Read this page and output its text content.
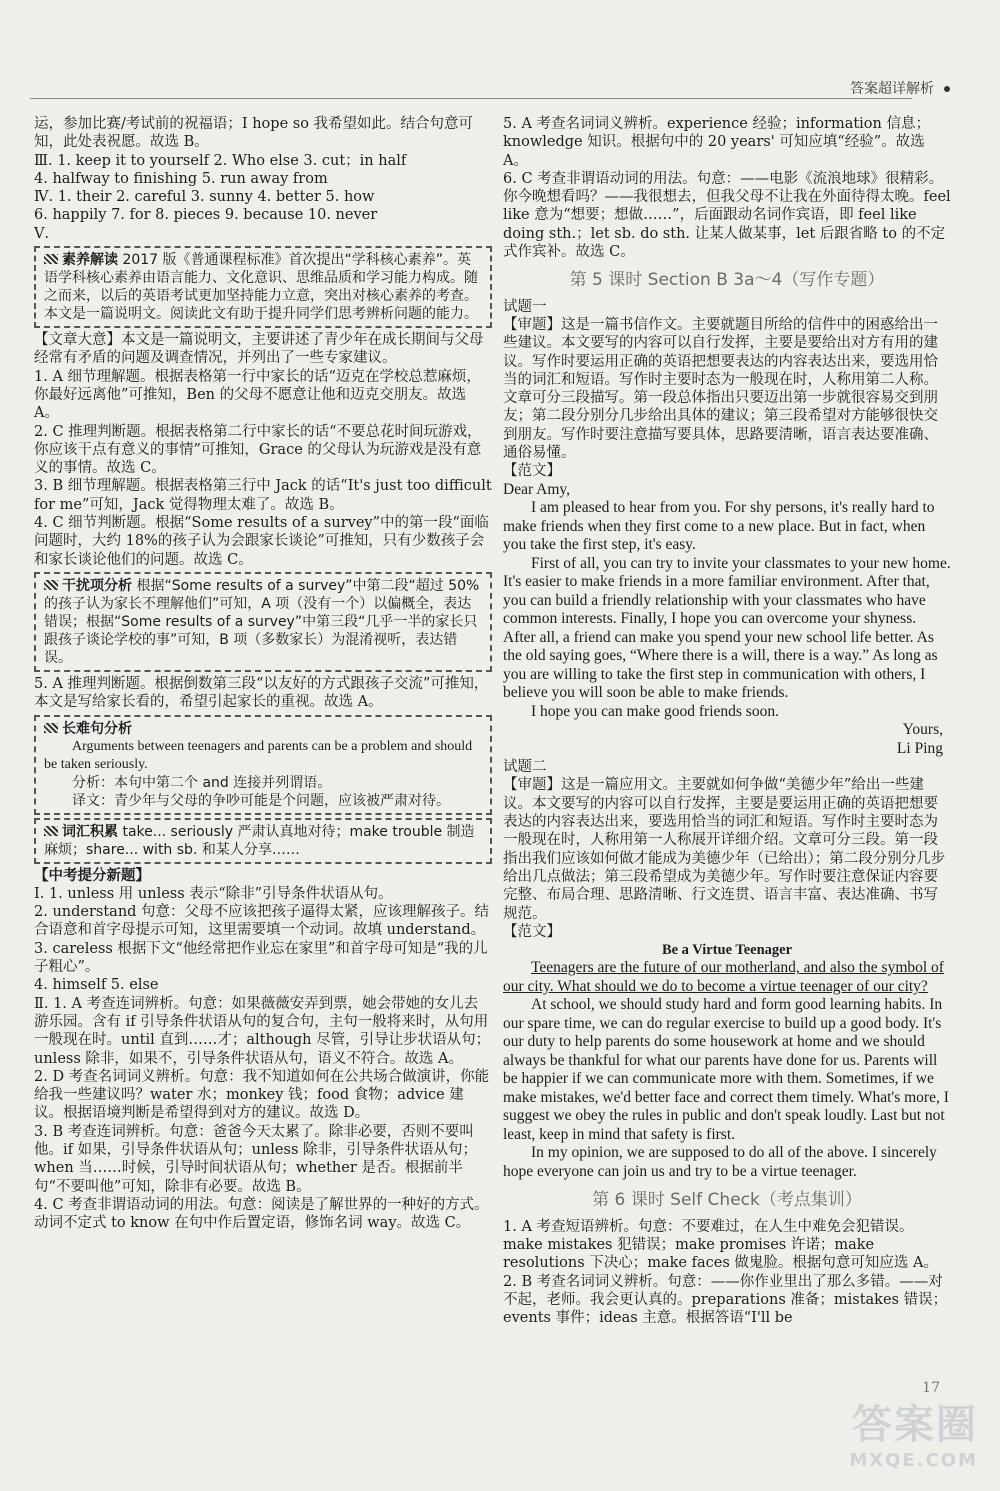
答案超详解析

运，参加比赛/考试前的祝福语；I hope so 我希望如此。结合句意可知，此处表祝愿。故选 B。

Ⅲ. 1. keep it to yourself 2. Who else 3. cut；in half

4. halfway to finishing 5. run away from

Ⅳ. 1. their 2. careful 3. sunny 4. better 5. how

6. happily 7. for 8. pieces 9. because 10. never

Ⅴ.

素养解读 2017 版《普通课程标准》首次提出“学科核心素养”。英语学科核心素养由语言能力、文化意识、思维品质和学习能力构成。随之而来，以后的英语考试更加坚持能力立意，突出对核心素养的考查。本文是一篇说明文。阅读此文有助于提升同学们思考辨析问题的能力。

【文章大意】本文是一篇说明文，主要讲述了青少年在成长期间与父母经常有矛盾的问题及调查情况，并列出了一些专家建议。

1. A 细节理解题。根据表格第一行中家长的话“迈克在学校总惹麻烦，你最好远离他”可推知，Ben 的父母不愿意让他和迈克交朋友。故选 A。

2. C 推理判断题。根据表格第二行中家长的话“不要总花时间玩游戏，你应该干点有意义的事情”可推知，Grace 的父母认为玩游戏是没有意义的事情。故选 C。

3. B 细节理解题。根据表格第三行中 Jack 的话“It's just too difficult for me”可知，Jack 觉得物理太难了。故选 B。

4. C 细节判断题。根据“Some results of a survey”中的第一段“面临问题时，大约 18%的孩子认为会跟家长谈论”可推知，只有少数孩子会和家长谈论他们的问题。故选 C。

干扰项分析 根据“Some results of a survey”中第二段“超过 50%的孩子认为家长不理解他们”可知，A 项（没有一个）以偏概全，表达错误；根据“Some results of a survey”中第三段“几乎一半的家长只跟孩子谈论学校的事”可知，B 项（多数家长）为混淆视听，表达错误。

5. A 推理判断题。根据倒数第三段“以友好的方式跟孩子交流”可推知，本文是写给家长看的，希望引起家长的重视。故选 A。

长难句分析

Arguments between teenagers and parents can be a problem and should be taken seriously.

分析：本句中第二个 and 连接并列谓语。

译文：青少年与父母的争吵可能是个问题，应该被严肃对待。

词汇积累 take... seriously 严肃认真地对待；make trouble 制造麻烦；share... with sb. 和某人分享……

【中考提分新题】

Ⅰ. 1. unless 用 unless 表示“除非”引导条件状语从句。

2. understand 句意：父母不应该把孩子逼得太紧，应该理解孩子。结合语意和首字母提示可知，这里需要填一个动词。故填 understand。

3. careless 根据下文“他经常把作业忘在家里”和首字母可知是“我的儿子粗心”。

4. himself 5. else

Ⅱ. 1. A 考查连词辨析。句意：如果薇薇安弄到票，她会带她的女儿去游乐园。含有 if 引导条件状语从句的复合句，主句一般将来时，从句用一般现在时。until 直到……才；although 尽管，引导让步状语从句；unless 除非，如果不，引导条件状语从句，语义不符合。故选 A。

2. D 考查名词词义辨析。句意：我不知道如何在公共场合做演讲，你能给我一些建议吗？water 水；monkey 钱；food 食物；advice 建议。根据语境判断是希望得到对方的建议。故选 D。

3. B 考查连词辨析。句意：爸爸今天太累了。除非必要，否则不要叫他。if 如果，引导条件状语从句；unless 除非，引导条件状语从句；when 当……时候，引导时间状语从句；whether 是否。根据前半句“不要叫他”可知，除非有必要。故选 B。

4. C 考查非谓语动词的用法。句意：阅读是了解世界的一种好的方式。动词不定式 to know 在句中作后置定语，修饰名词 way。故选 C。

5. A 考查名词词义辨析。experience 经验；information 信息；knowledge 知识。根据句中的 20 years' 可知应填“经验”。故选 A。

6. C 考查非谓语动词的用法。句意：——电影《流浪地球》很精彩。你今晚想看吗？——我很想去，但我父母不让我在外面待得太晚。feel like 意为“想要；想做……”，后面跟动名词作宾语，即 feel like doing sth.；let sb. do sth. 让某人做某事，let 后跟省略 to 的不定式作宾补。故选 C。

第 5 课时 Section B 3a～4（写作专题）

试题一

【审题】这是一篇书信作文。主要就题目所给的信件中的困惑给出一些建议。本文要写的内容可以自行发挥，主要是要给出对方有用的建议。写作时要运用正确的英语把想要表达的内容表达出来，要选用恰当的词汇和短语。写作时主要时态为一般现在时，人称用第二人称。文章可分三段描写。第一段总体指出只要迈出第一步就很容易交到朋友；第二段分别分几步给出具体的建议；第三段希望对方能够很快交到朋友。写作时要注意描写要具体，思路要清晰，语言表达要准确、通俗易懂。

【范文】

Dear Amy,

I am pleased to hear from you. For shy persons, it's really hard to make friends when they first come to a new place. But in fact, when you take the first step, it's easy.

First of all, you can try to invite your classmates to your new home. It's easier to make friends in a more familiar environment. After that, you can build a friendly relationship with your classmates who have common interests. Finally, I hope you can overcome your shyness. After all, a friend can make you spend your new school life better. As the old saying goes, “Where there is a will, there is a way.” As long as you are willing to take the first step in communication with others, I believe you will soon be able to make friends.

I hope you can make good friends soon.

Yours,

Li Ping

试题二

【审题】这是一篇应用文。主要就如何争做“美德少年”给出一些建议。本文要写的内容可以自行发挥，主要是要运用正确的英语把想要表达的内容表达出来，要选用恰当的词汇和短语。写作时主要时态为一般现在时，人称用第一人称展开详细介绍。文章可分三段。第一段指出我们应该如何做才能成为美德少年（已给出）；第二段分别分几步给出几点做法；第三段希望成为美德少年。写作时要注意保证内容要完整、布局合理、思路清晰、行文连贯、语言丰富、表达准确、书写规范。

【范文】

Be a Virtue Teenager

Teenagers are the future of our motherland, and also the symbol of our city. What should we do to become a virtue teenager of our city?

At school, we should study hard and form good learning habits. In our spare time, we can do regular exercise to build up a good body. It's our duty to help parents do some housework at home and we should always be thankful for what our parents have done for us. Parents will be happier if we can communicate more with them. Sometimes, if we make mistakes, we'd better face and correct them timely. What's more, I suggest we obey the rules in public and don't speak loudly. Last but not least, keep in mind that safety is first.

In my opinion, we are supposed to do all of the above. I sincerely hope everyone can join us and try to be a virtue teenager.

第 6 课时 Self Check（考点集训）

1. A 考查短语辨析。句意：不要难过，在人生中难免会犯错误。make mistakes 犯错误；make promises 许诺；make resolutions 下决心；make faces 做鬼脸。根据句意可知应选 A。

2. B 考查名词词义辨析。句意：——你作业里出了那么多错。——对不起，老师。我会更认真的。preparations 准备；mistakes 错误；events 事件；ideas 主意。根据答语“I'll be

17
答案圈
MXQE.COM
